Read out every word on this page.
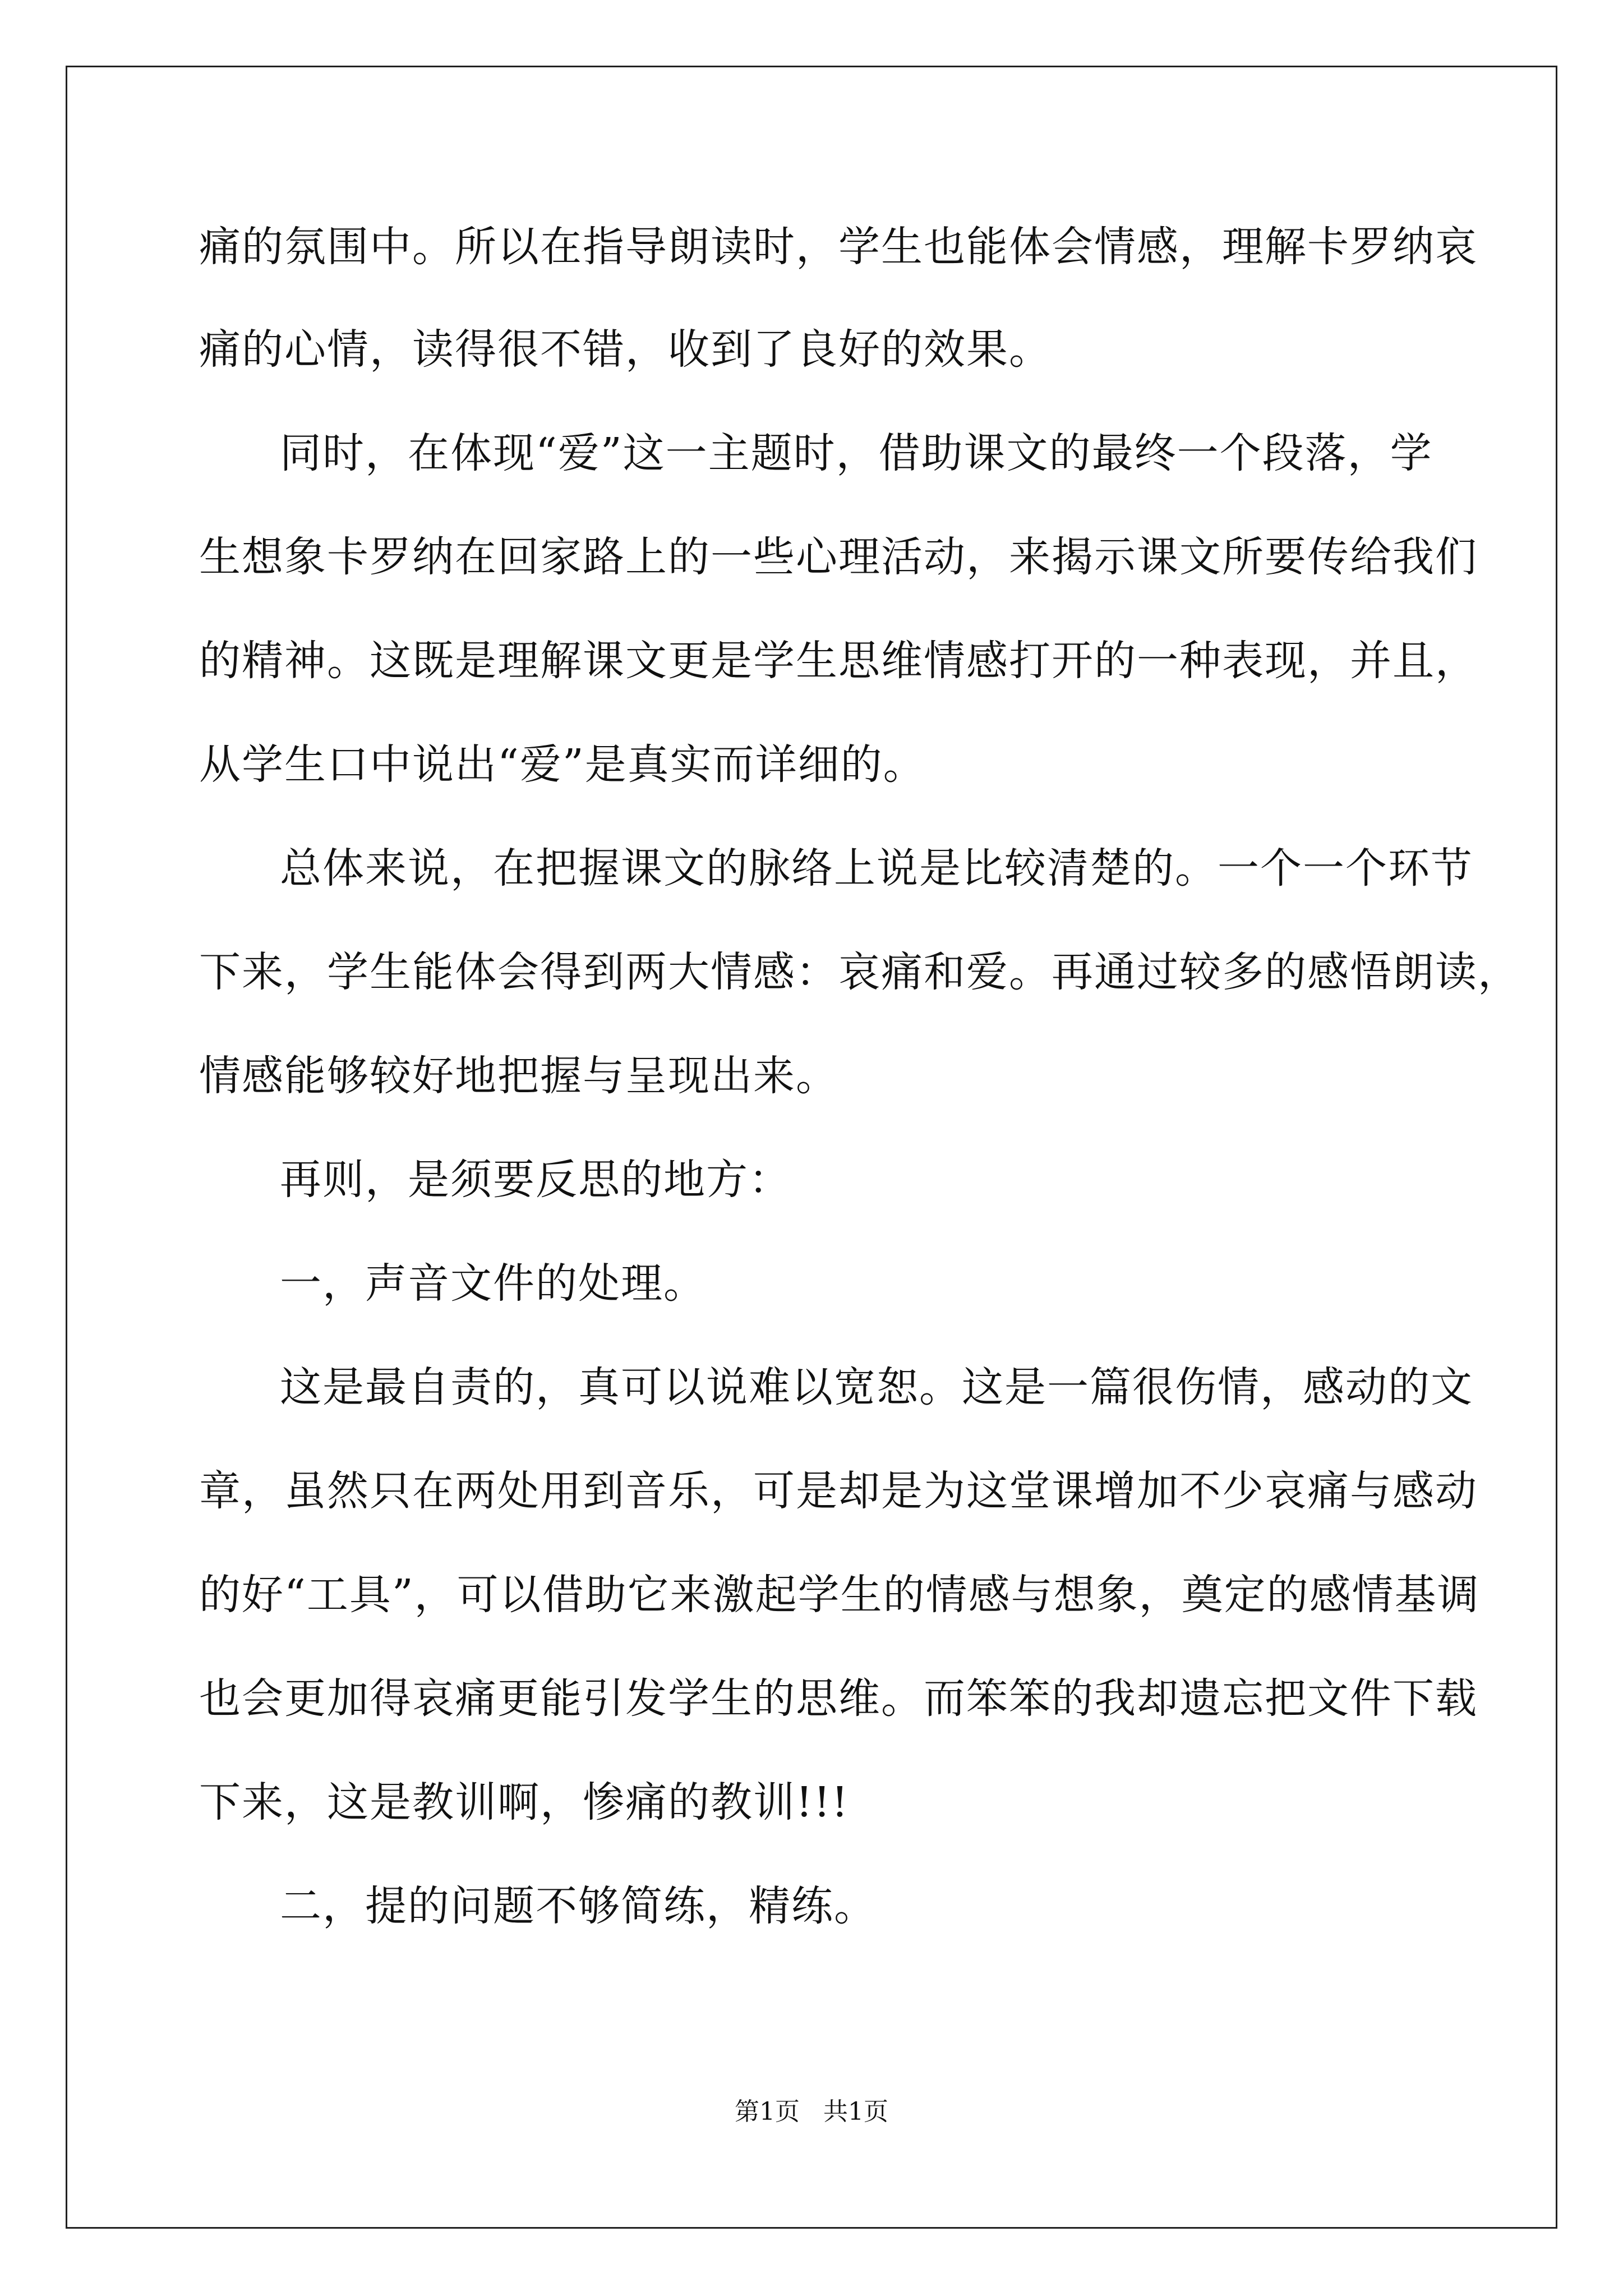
痛的氛围中。所以在指导朗读时，学生也能体会情感，理解卡罗纳哀
痛的心情，读得很不错，收到了良好的效果。
同时，在体现“爱”这一主题时，借助课文的最终一个段落，学
生想象卡罗纳在回家路上的一些心理活动，来揭示课文所要传给我们
的精神。这既是理解课文更是学生思维情感打开的一种表现，并且，
从学生口中说出“爱”是真实而详细的。
总体来说，在把握课文的脉络上说是比较清楚的。一个一个环节
下来，学生能体会得到两大情感：哀痛和爱。再通过较多的感悟朗读，
情感能够较好地把握与呈现出来。
再则，是须要反思的地方：
一，声音文件的处理。
这是最自责的，真可以说难以宽恕。这是一篇很伤情，感动的文
章，虽然只在两处用到音乐，可是却是为这堂课增加不少哀痛与感动
的好“工具”，可以借助它来激起学生的情感与想象，奠定的感情基调
也会更加得哀痛更能引发学生的思维。而笨笨的我却遗忘把文件下载
下来，这是教训啊，惨痛的教训!!!
二，提的问题不够简练，精练。
第1页   共1页
